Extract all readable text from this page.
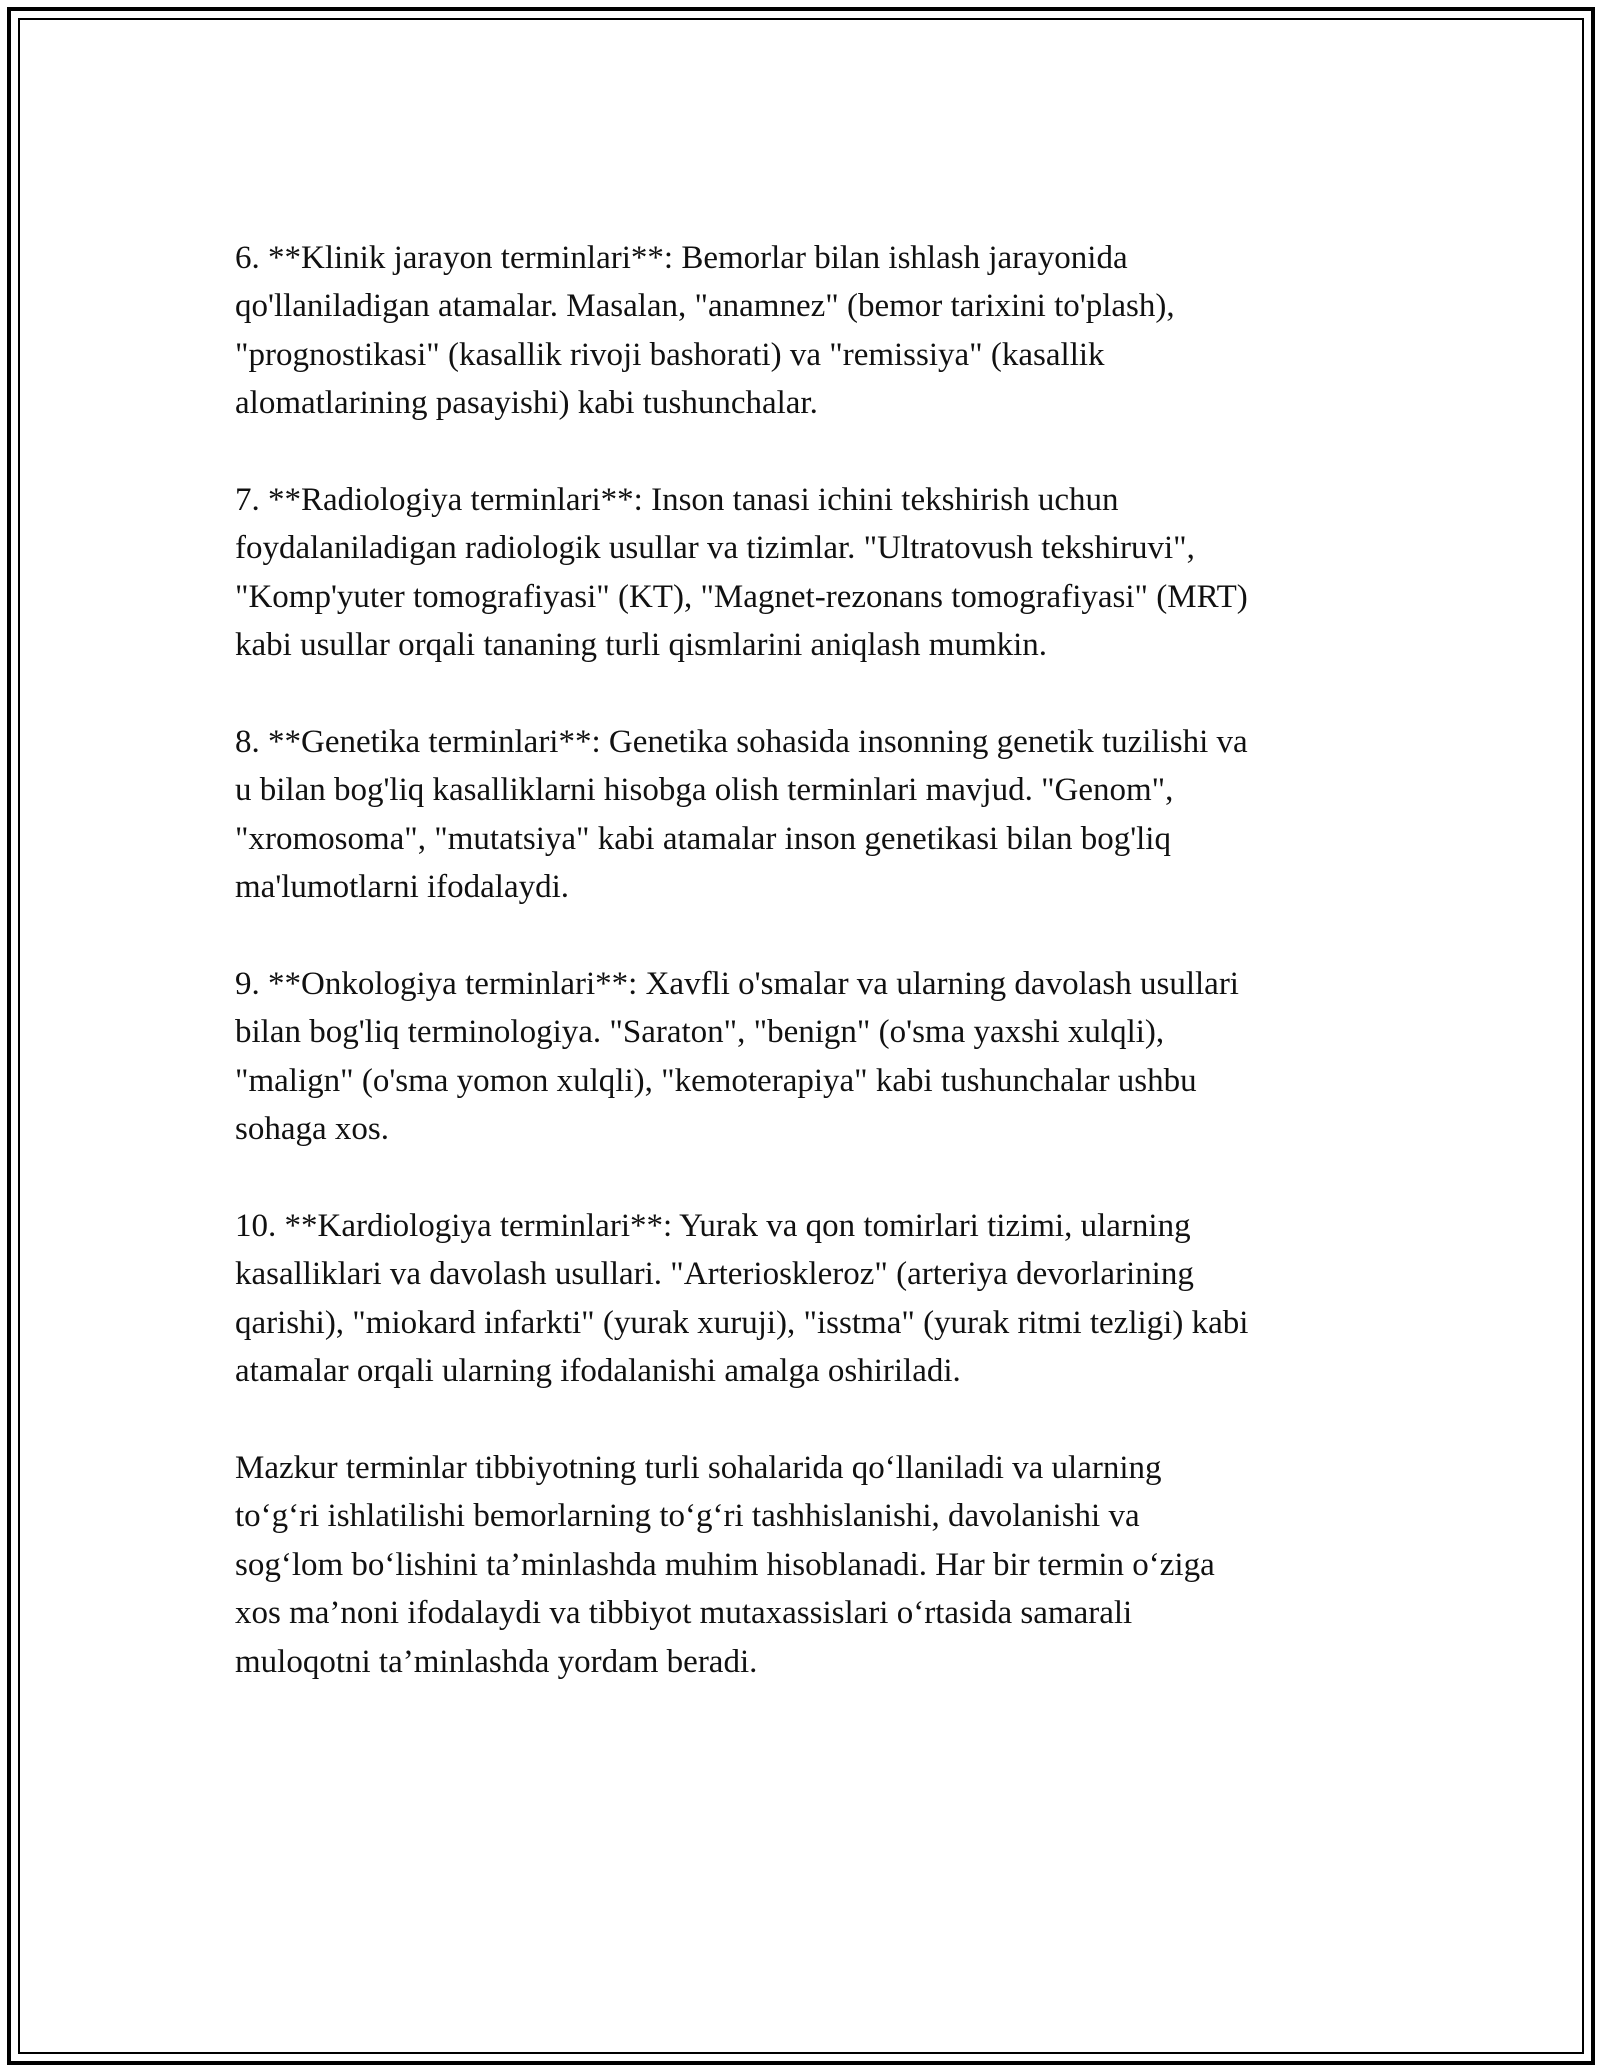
6. **Klinik jarayon terminlari**: Bemorlar bilan ishlash jarayonida
qo'llaniladigan atamalar. Masalan, "anamnez" (bemor tarixini to'plash),
"prognostikasi" (kasallik rivoji bashorati) va "remissiya" (kasallik
alomatlarining pasayishi) kabi tushunchalar.

7. **Radiologiya terminlari**: Inson tanasi ichini tekshirish uchun
foydalaniladigan radiologik usullar va tizimlar. "Ultratovush tekshiruvi",
"Komp'yuter tomografiyasi" (KT), "Magnet-rezonans tomografiyasi" (MRT)
kabi usullar orqali tananing turli qismlarini aniqlash mumkin.

8. **Genetika terminlari**: Genetika sohasida insonning genetik tuzilishi va
u bilan bog'liq kasalliklarni hisobga olish terminlari mavjud. "Genom",
"xromosoma", "mutatsiya" kabi atamalar inson genetikasi bilan bog'liq
ma'lumotlarni ifodalaydi.

9. **Onkologiya terminlari**: Xavfli o'smalar va ularning davolash usullari
bilan bog'liq terminologiya. "Saraton", "benign" (o'sma yaxshi xulqli),
"malign" (o'sma yomon xulqli), "kemoterapiya" kabi tushunchalar ushbu
sohaga xos.

10. **Kardiologiya terminlari**: Yurak va qon tomirlari tizimi, ularning
kasalliklari va davolash usullari. "Arterioskleroz" (arteriya devorlarining
qarishi), "miokard infarkti" (yurak xuruji), "isstma" (yurak ritmi tezligi) kabi
atamalar orqali ularning ifodalanishi amalga oshiriladi.

Mazkur terminlar tibbiyotning turli sohalarida qo‘llaniladi va ularning
to‘g‘ri ishlatilishi bemorlarning to‘g‘ri tashhislanishi, davolanishi va
sog‘lom bo‘lishini ta’minlashda muhim hisoblanadi. Har bir termin o‘ziga
xos ma’noni ifodalaydi va tibbiyot mutaxassislari o‘rtasida samarali
muloqotni ta’minlashda yordam beradi.
